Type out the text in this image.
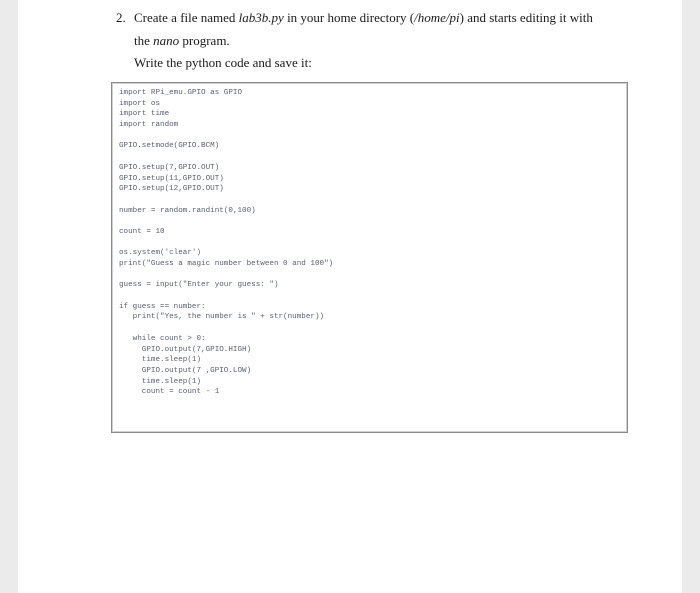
2. Create a file named lab3b.py in your home directory (/home/pi) and starts editing it with
the nano program.
Write the python code and save it:
import RPi_emu.GPIO as GPIO
import os
import time
import random
GPIO.setmode(GPIO.BCM)
GPIO.setup(7,GPIO.OUT)
GPIO.setup(11,GPIO.OUT)
GPIO.setup(12,GPIO.OUT)
number = random.randint(0,100)
count = 10
os.system('clear')
print("Guess a magic number between 0 and 100")
guess = input("Enter your guess: ")
if guess == number:
print("Yes, the number is " + str(number))
while count > 0:
GPIO.output(7,GPIO.HIGH)
time.sleep(1)
GPIO.output(7 ,GPIO.LOW)
time.sleep(1)
count = count - 1
